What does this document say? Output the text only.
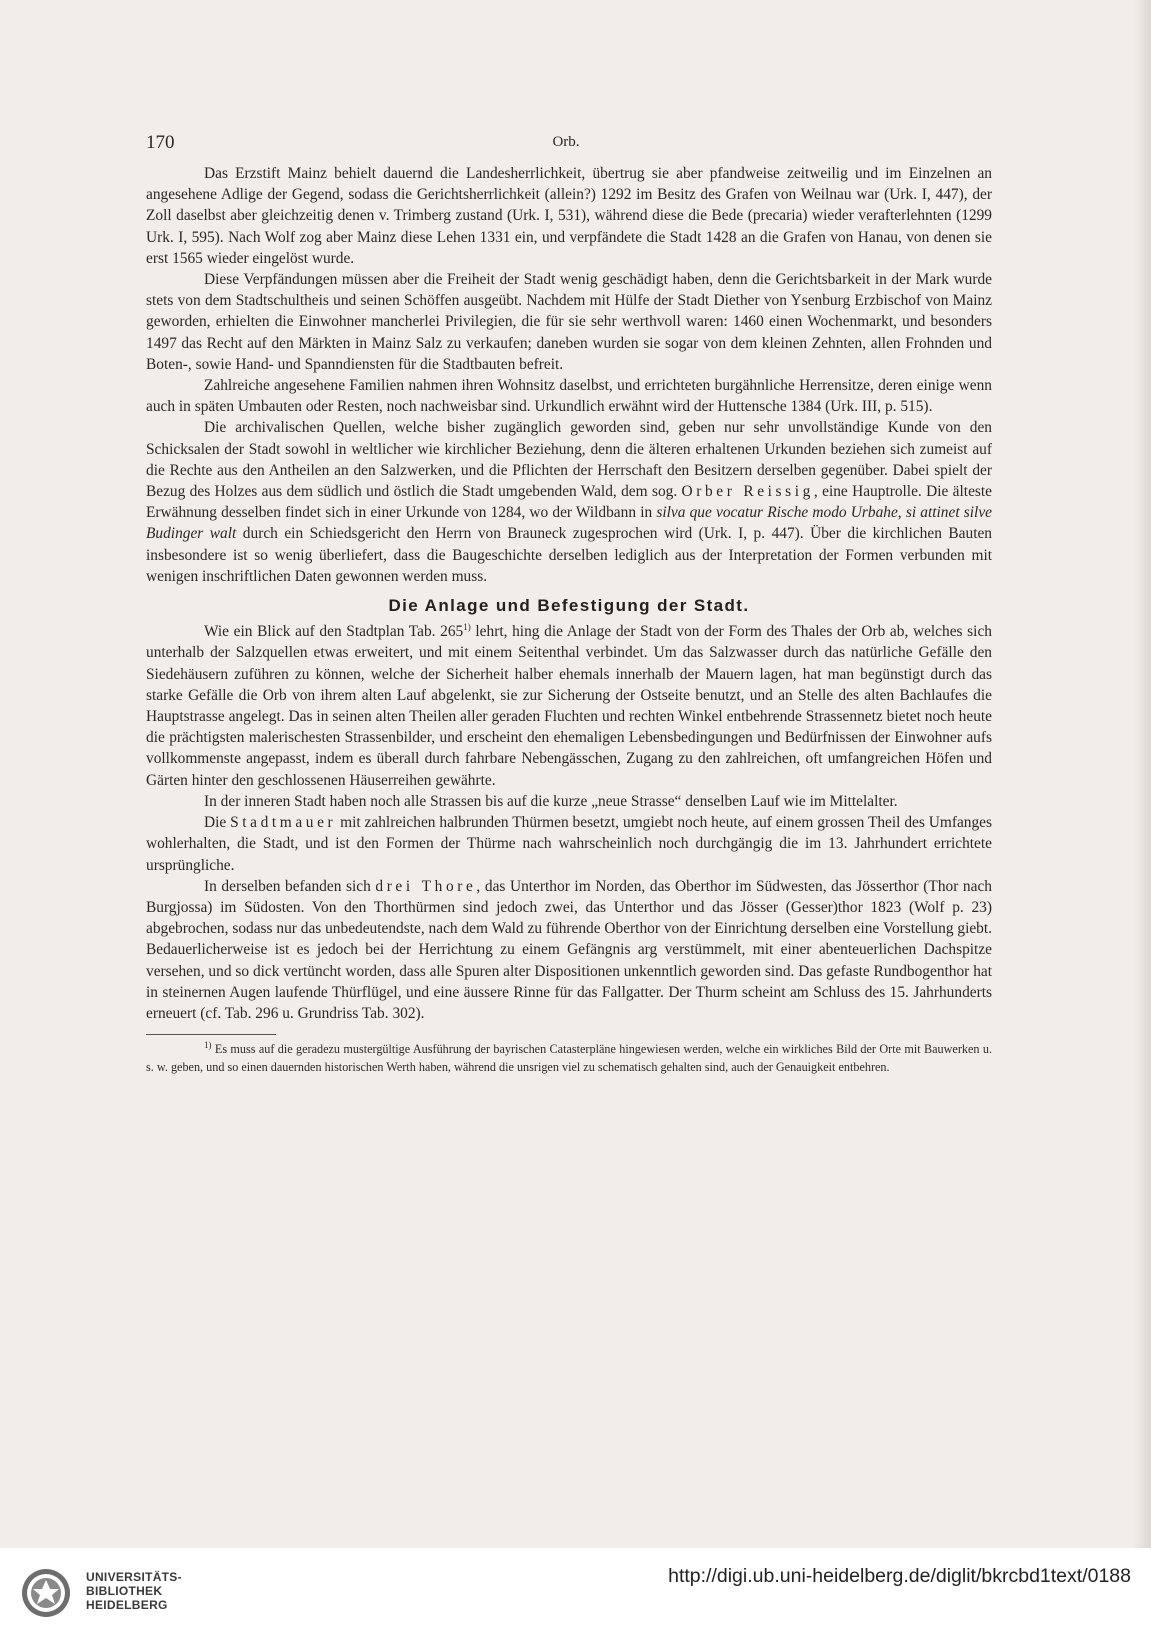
170	Orb.

Das Erzstift Mainz behielt dauernd die Landesherrlichkeit, übertrug sie aber pfandweise zeitweilig und im Einzelnen an angesehene Adlige der Gegend, sodass die Gerichtsherrlichkeit (allein?) 1292 im Besitz des Grafen von Weilnau war (Urk. I, 447), der Zoll daselbst aber gleichzeitig denen v. Trimberg zustand (Urk. I, 531), während diese die Bede (precaria) wieder verafterlehnten (1299 Urk. I, 595). Nach Wolf zog aber Mainz diese Lehen 1331 ein, und verpfändete die Stadt 1428 an die Grafen von Hanau, von denen sie erst 1565 wieder eingelöst wurde.

Diese Verpfändungen müssen aber die Freiheit der Stadt wenig geschädigt haben, denn die Gerichtsbarkeit in der Mark wurde stets von dem Stadtschultheis und seinen Schöffen ausgeübt. Nachdem mit Hülfe der Stadt Diether von Ysenburg Erzbischof von Mainz geworden, erhielten die Einwohner mancherlei Privilegien, die für sie sehr werthvoll waren: 1460 einen Wochenmarkt, und besonders 1497 das Recht auf den Märkten in Mainz Salz zu verkaufen; daneben wurden sie sogar von dem kleinen Zehnten, allen Frohnden und Boten-, sowie Hand- und Spanndiensten für die Stadtbauten befreit.

Zahlreiche angesehene Familien nahmen ihren Wohnsitz daselbst, und errichteten burgähnliche Herrensitze, deren einige wenn auch in späten Umbauten oder Resten, noch nachweisbar sind. Urkundlich erwähnt wird der Huttensche 1384 (Urk. III, p. 515).

Die archivalischen Quellen, welche bisher zugänglich geworden sind, geben nur sehr unvollständige Kunde von den Schicksalen der Stadt sowohl in weltlicher wie kirchlicher Beziehung, denn die älteren erhaltenen Urkunden beziehen sich zumeist auf die Rechte aus den Antheilen an den Salzwerken, und die Pflichten der Herrschaft den Besitzern derselben gegenüber. Dabei spielt der Bezug des Holzes aus dem südlich und östlich die Stadt umgebenden Wald, dem sog. Orber Reissig, eine Hauptrolle. Die älteste Erwähnung desselben findet sich in einer Urkunde von 1284, wo der Wildbann in silva que vocatur Rische modo Urbahe, si attinet silve Budinger walt durch ein Schiedsgericht den Herrn von Brauneck zugesprochen wird (Urk. I, p. 447). Über die kirchlichen Bauten insbesondere ist so wenig überliefert, dass die Baugeschichte derselben lediglich aus der Interpretation der Formen verbunden mit wenigen inschriftlichen Daten gewonnen werden muss.

Die Anlage und Befestigung der Stadt.

Wie ein Blick auf den Stadtplan Tab. 265$^{1)}$ lehrt, hing die Anlage der Stadt von der Form des Thales der Orb ab, welches sich unterhalb der Salzquellen etwas erweitert, und mit einem Seitenthal verbindet. Um das Salzwasser durch das natürliche Gefälle den Siedehäusern zuführen zu können, welche der Sicherheit halber ehemals innerhalb der Mauern lagen, hat man begünstigt durch das starke Gefälle die Orb von ihrem alten Lauf abgelenkt, sie zur Sicherung der Ostseite benutzt, und an Stelle des alten Bachlaufes die Hauptstrasse angelegt. Das in seinen alten Theilen aller geraden Fluchten und rechten Winkel entbehrende Strassennetz bietet noch heute die prächtigsten malerischesten Strassenbilder, und erscheint den ehemaligen Lebensbedingungen und Bedürfnissen der Einwohner aufs vollkommenste angepasst, indem es überall durch fahrbare Nebengässchen, Zugang zu den zahlreichen, oft umfangreichen Höfen und Gärten hinter den geschlossenen Häuserreihen gewährte.

In der inneren Stadt haben noch alle Strassen bis auf die kurze „neue Strasse“ denselben Lauf wie im Mittelalter.

Die Stadtmauer mit zahlreichen halbrunden Thürmen besetzt, umgiebt noch heute, auf einem grossen Theil des Umfanges wohlerhalten, die Stadt, und ist den Formen der Thürme nach wahrscheinlich noch durchgängig die im 13. Jahrhundert errichtete ursprüngliche.

In derselben befanden sich drei Thore, das Unterthor im Norden, das Oberthor im Südwesten, das Jösserthor (Thor nach Burgjossa) im Südosten. Von den Thorthürmen sind jedoch zwei, das Unterthor und das Jösser (Gesser)thor 1823 (Wolf p. 23) abgebrochen, sodass nur das unbedeutendste, nach dem Wald zu führende Oberthor von der Einrichtung derselben eine Vorstellung giebt. Bedauerlicherweise ist es jedoch bei der Herrichtung zu einem Gefängnis arg verstümmelt, mit einer abenteuerlichen Dachspitze versehen, und so dick vertüncht worden, dass alle Spuren alter Dispositionen unkenntlich geworden sind. Das gefaste Rundbogenthor hat in steinernen Augen laufende Thürflügel, und eine äussere Rinne für das Fallgatter. Der Thurm scheint am Schluss des 15. Jahrhunderts erneuert (cf. Tab. 296 u. Grundriss Tab. 302).

$^{1)}$ Es muss auf die geradezu mustergültige Ausführung der bayrischen Catasterpläne hingewiesen werden, welche ein wirkliches Bild der Orte mit Bauwerken u. s. w. geben, und so einen dauernden historischen Werth haben, während die unsrigen viel zu schematisch gehalten sind, auch der Genauigkeit entbehren.

UNIVERSITÄTS-
BIBLIOTHEK
HEIDELBERG
http://digi.ub.uni-heidelberg.de/diglit/bkrcbd1text/0188
